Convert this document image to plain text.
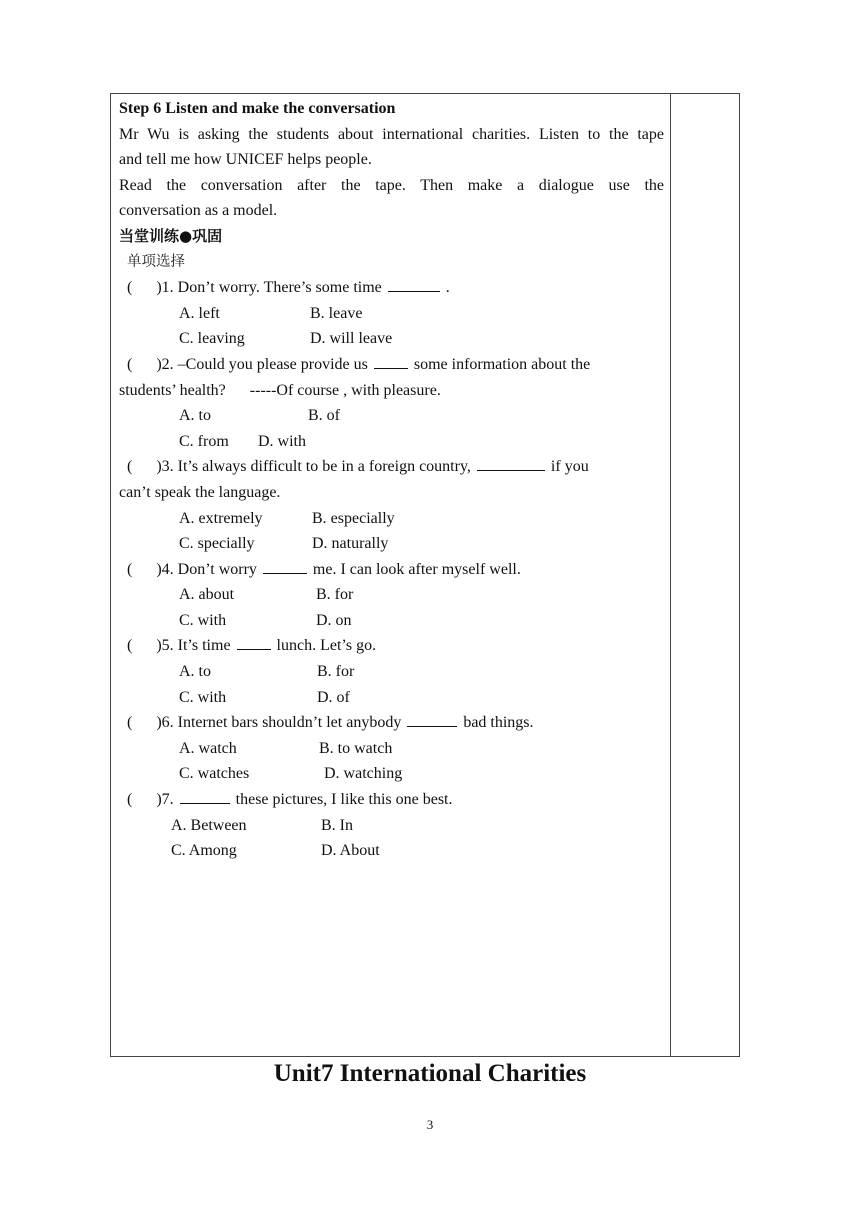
Step 6 Listen and make the conversation

Mr Wu is asking the students about international charities. Listen to the tape

and tell me how UNICEF helps people.

Read the conversation after the tape. Then make a dialogue use the

conversation as a model.

当堂训练●巩固

单项选择

( )1. Don’t worry. There’s some time	.

A. left	B. leave

C. leaving	D. will leave

( )2. –Could you please provide us	some information about the

students’ health?      -----Of course , with pleasure.

A. to	B. of

C. from D. with

( )3. It’s always difficult to be in a foreign country,	if you

can’t speak the language.

A. extremely	B. especially

C. specially	D. naturally

( )4. Don’t worry	me. I can look after myself well.

A. about	B. for

C. with	D. on

( )5. It’s time	lunch. Let’s go.

A. to	B. for

C. with	D. of

( )6. Internet bars shouldn’t let anybody	bad things.

A. watch	B. to watch

C. watches	D. watching

( )7.	these pictures, I like this one best.

A. Between	B. In

C. Among	D. About

Unit7 International Charities
3
